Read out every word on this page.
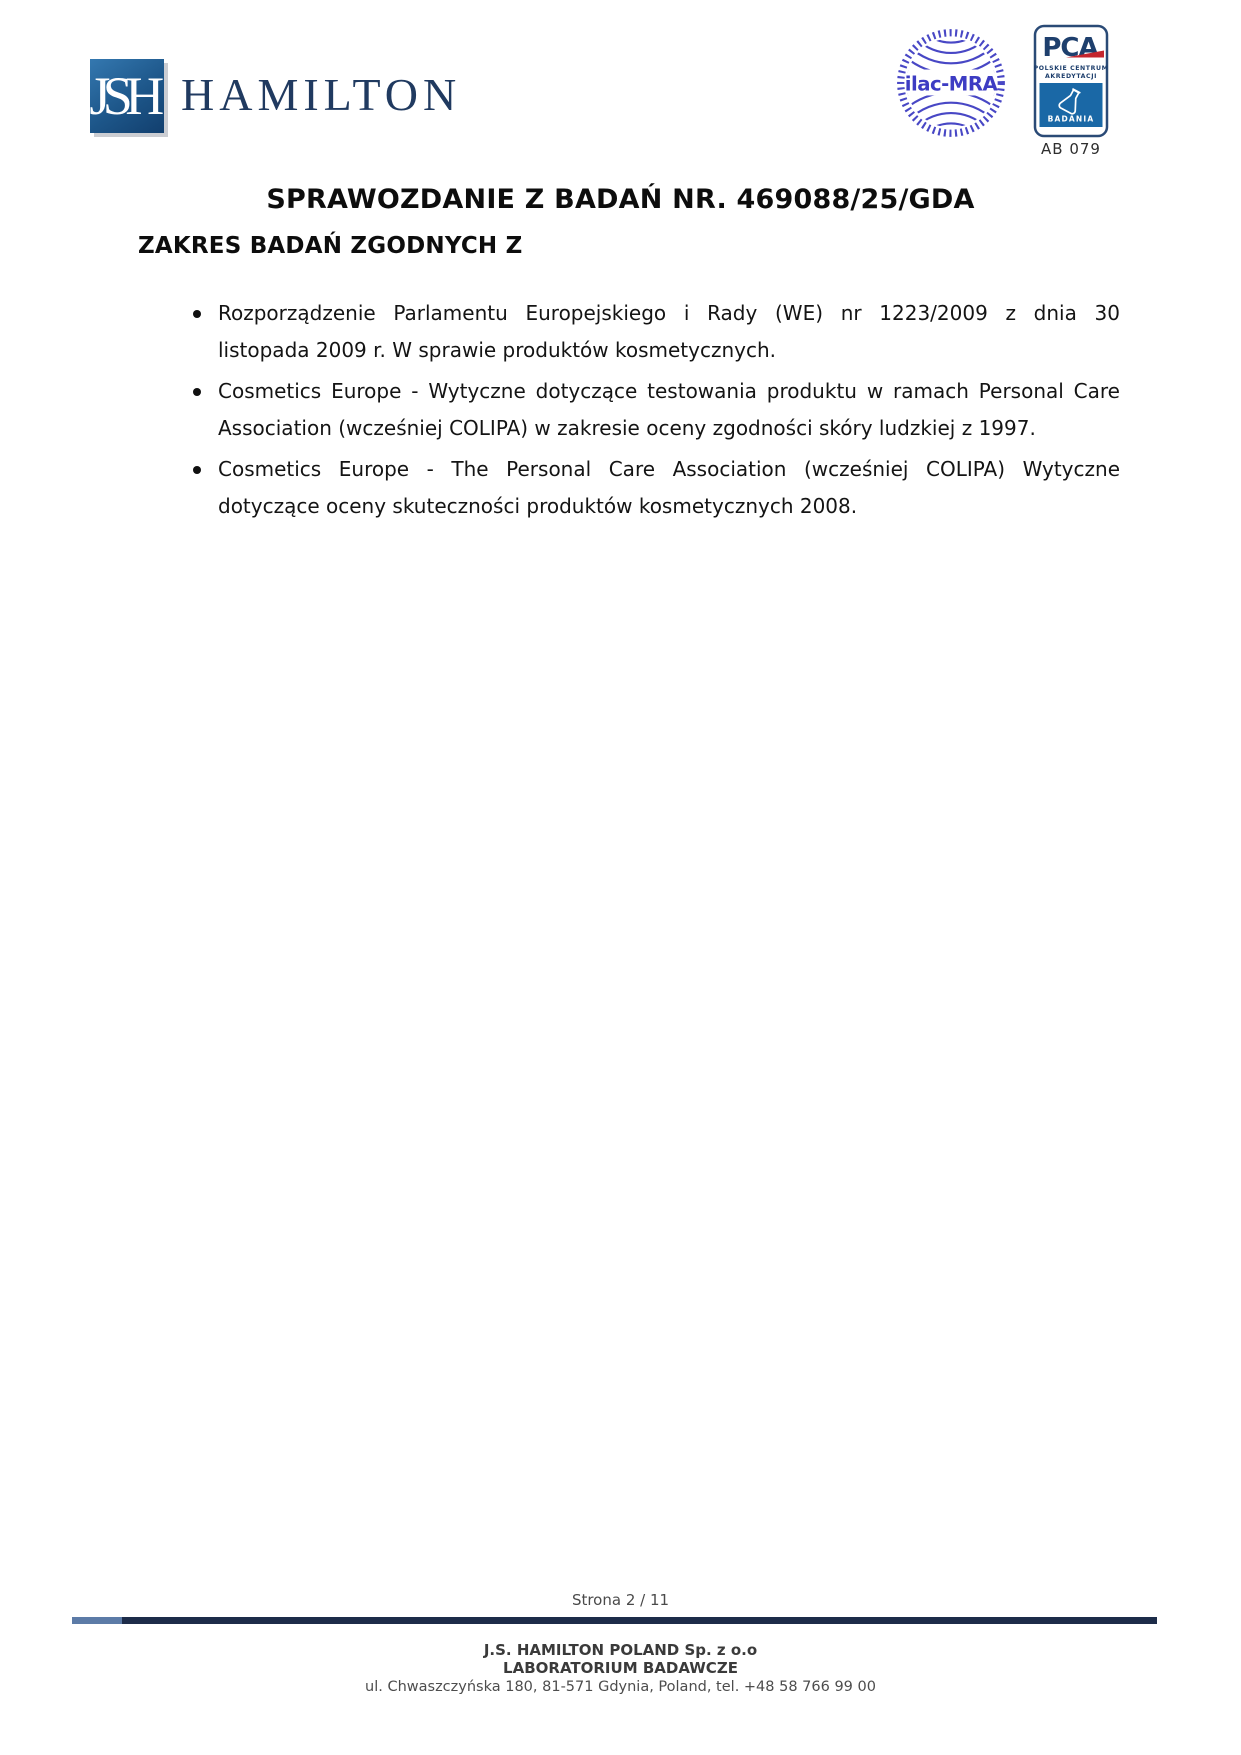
JSH HAMILTON	ilac-MRA
PCA
POLSKIE CENTRUM
AKREDYTACJI
BADANIA
AB 079
SPRAWOZDANIE Z BADAŃ NR. 469088/25/GDA
ZAKRES BADAŃ ZGODNYCH Z
Rozporządzenie Parlamentu Europejskiego i Rady (WE) nr 1223/2009 z dnia 30
listopada 2009 r. W sprawie produktów kosmetycznych.
Cosmetics Europe - Wytyczne dotyczące testowania produktu w ramach Personal Care
Association (wcześniej COLIPA) w zakresie oceny zgodności skóry ludzkiej z 1997.
Cosmetics Europe - The Personal Care Association (wcześniej COLIPA) Wytyczne
dotyczące oceny skuteczności produktów kosmetycznych 2008.
Strona 2 / 11
J.S. HAMILTON POLAND Sp. z o.o
LABORATORIUM BADAWCZE
ul. Chwaszczyńska 180, 81-571 Gdynia, Poland, tel. +48 58 766 99 00
